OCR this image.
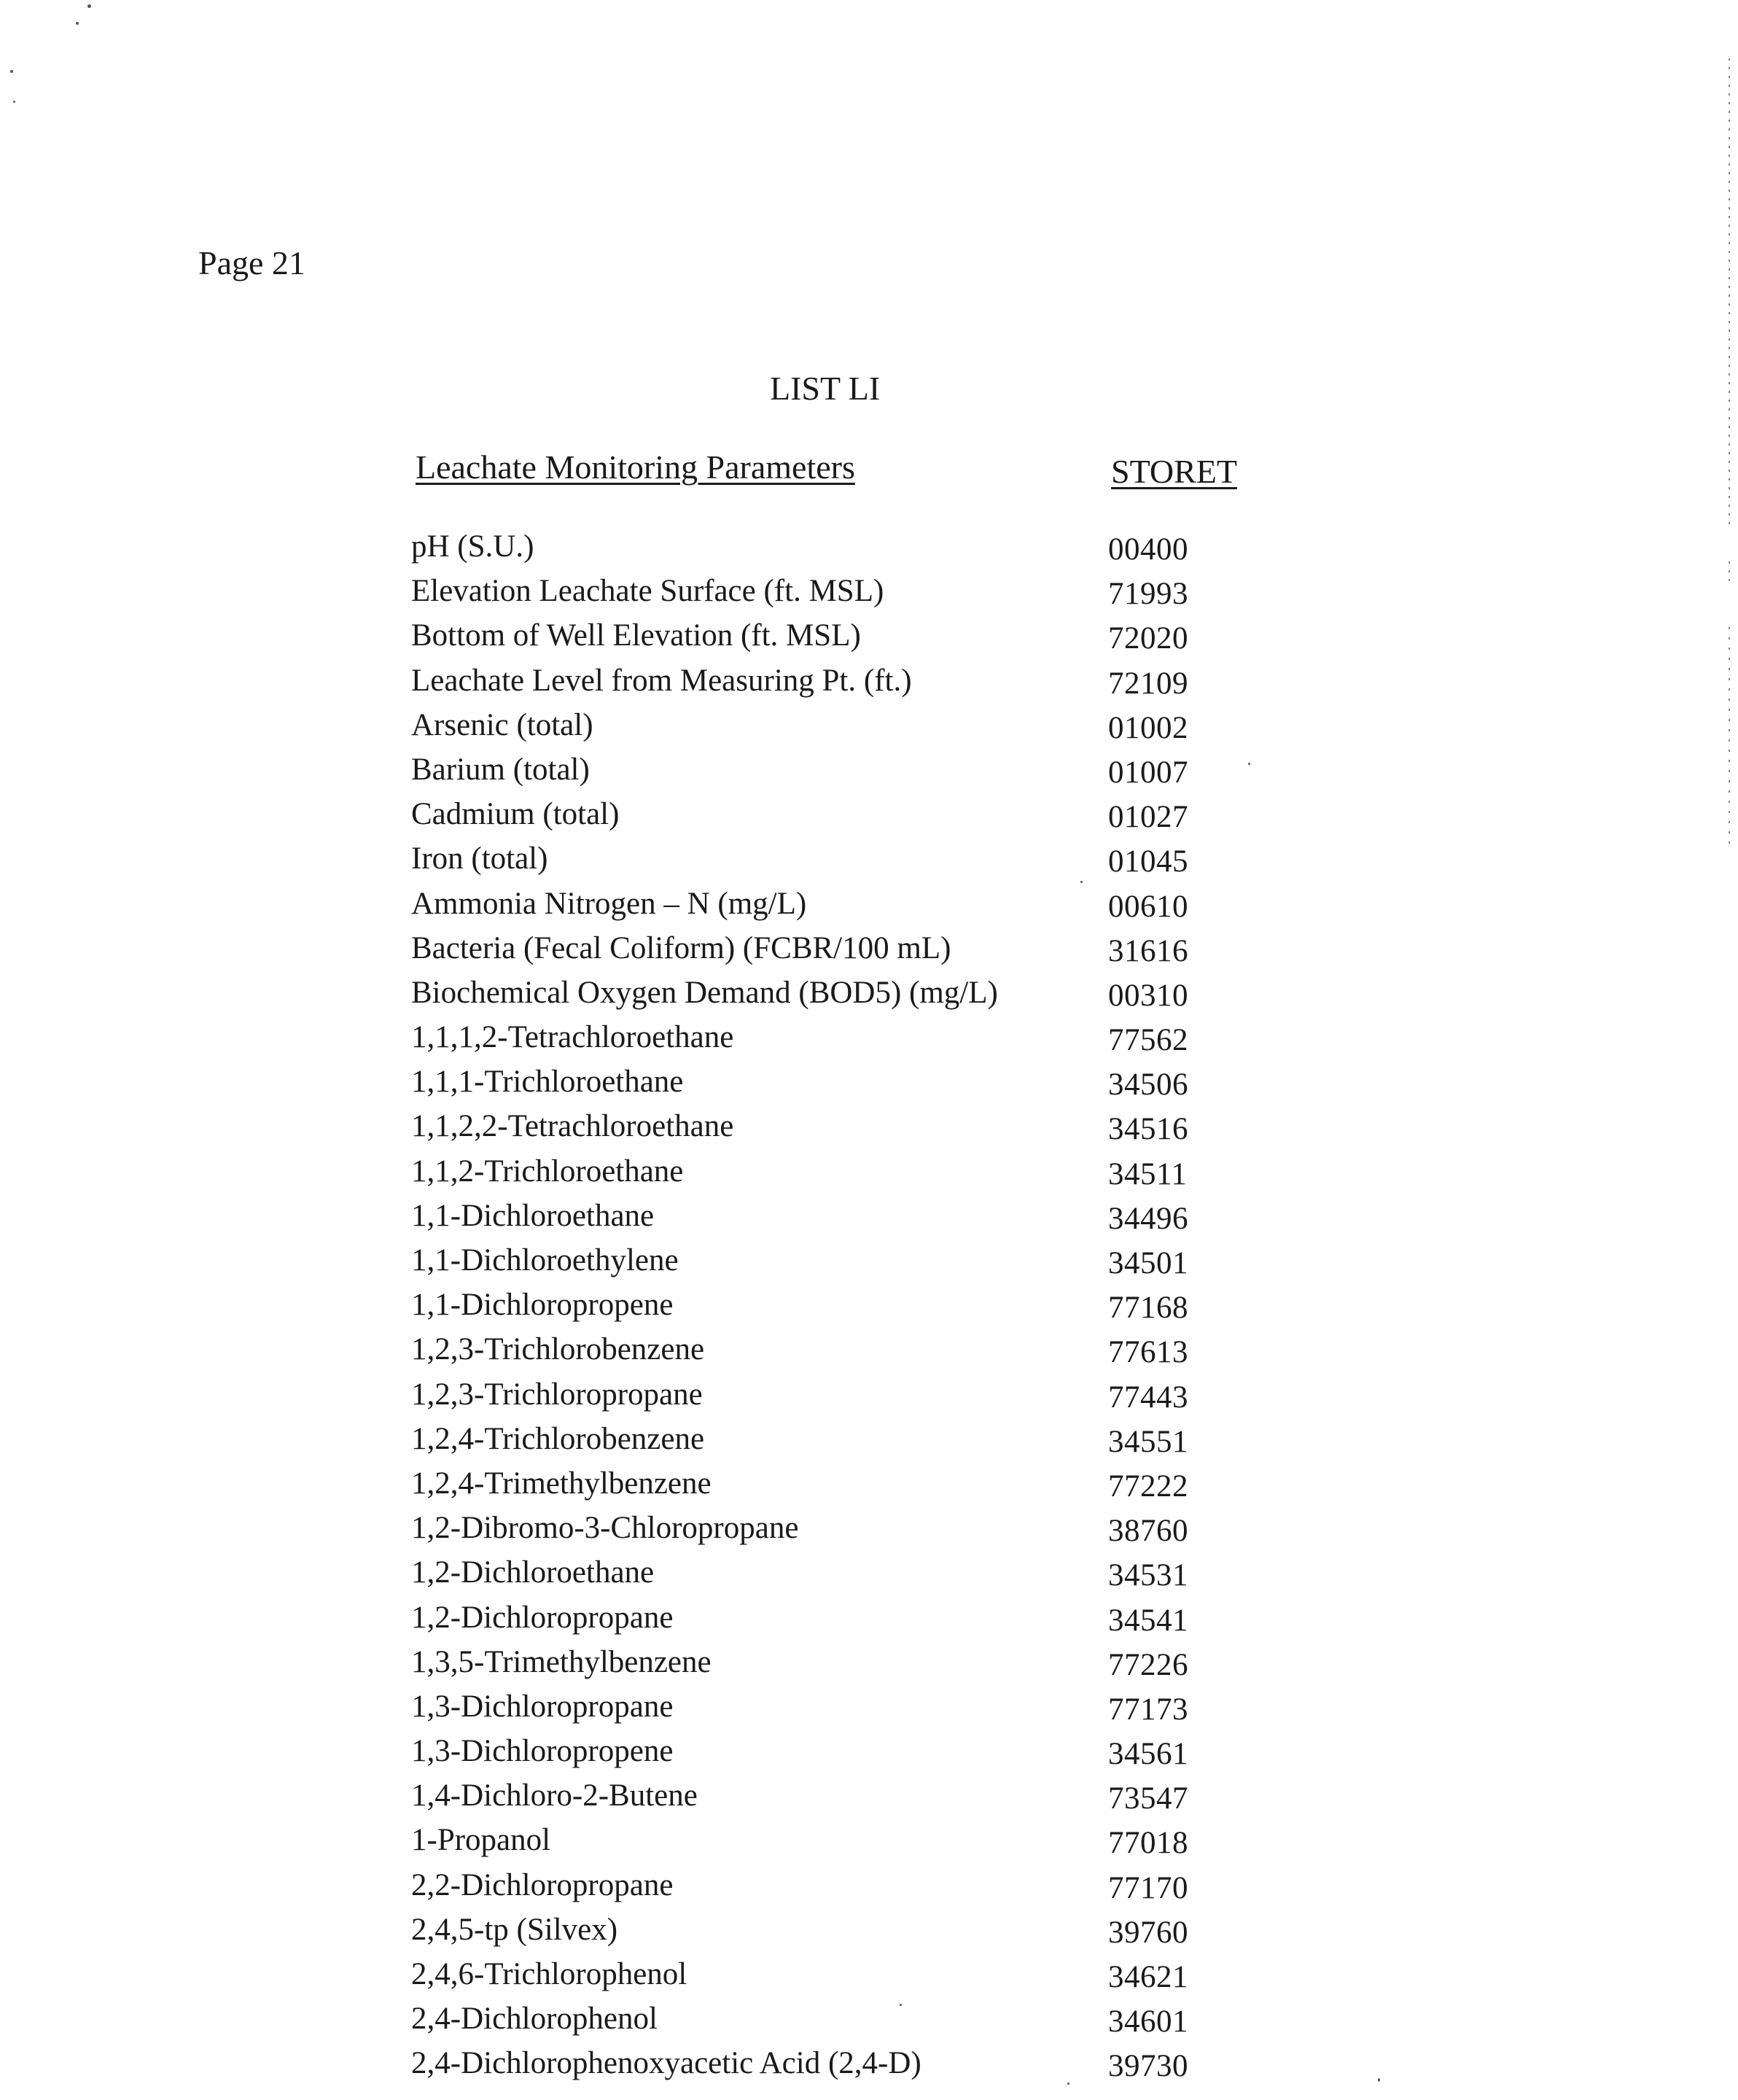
Page 21
LIST LI
Leachate Monitoring Parameters	STORET
pH (S.U.)	00400
Elevation Leachate Surface (ft. MSL)	71993
Bottom of Well Elevation (ft. MSL)	72020
Leachate Level from Measuring Pt. (ft.)	72109
Arsenic (total)	01002
Barium (total)	01007
Cadmium (total)	01027
Iron (total)	01045
Ammonia Nitrogen – N (mg/L)	00610
Bacteria (Fecal Coliform) (FCBR/100 mL)	31616
Biochemical Oxygen Demand (BOD5) (mg/L)	00310
1,1,1,2-Tetrachloroethane	77562
1,1,1-Trichloroethane	34506
1,1,2,2-Tetrachloroethane	34516
1,1,2-Trichloroethane	34511
1,1-Dichloroethane	34496
1,1-Dichloroethylene	34501
1,1-Dichloropropene	77168
1,2,3-Trichlorobenzene	77613
1,2,3-Trichloropropane	77443
1,2,4-Trichlorobenzene	34551
1,2,4-Trimethylbenzene	77222
1,2-Dibromo-3-Chloropropane	38760
1,2-Dichloroethane	34531
1,2-Dichloropropane	34541
1,3,5-Trimethylbenzene	77226
1,3-Dichloropropane	77173
1,3-Dichloropropene	34561
1,4-Dichloro-2-Butene	73547
1-Propanol	77018
2,2-Dichloropropane	77170
2,4,5-tp (Silvex)	39760
2,4,6-Trichlorophenol	34621
2,4-Dichlorophenol	34601
2,4-Dichlorophenoxyacetic Acid (2,4-D)	39730
